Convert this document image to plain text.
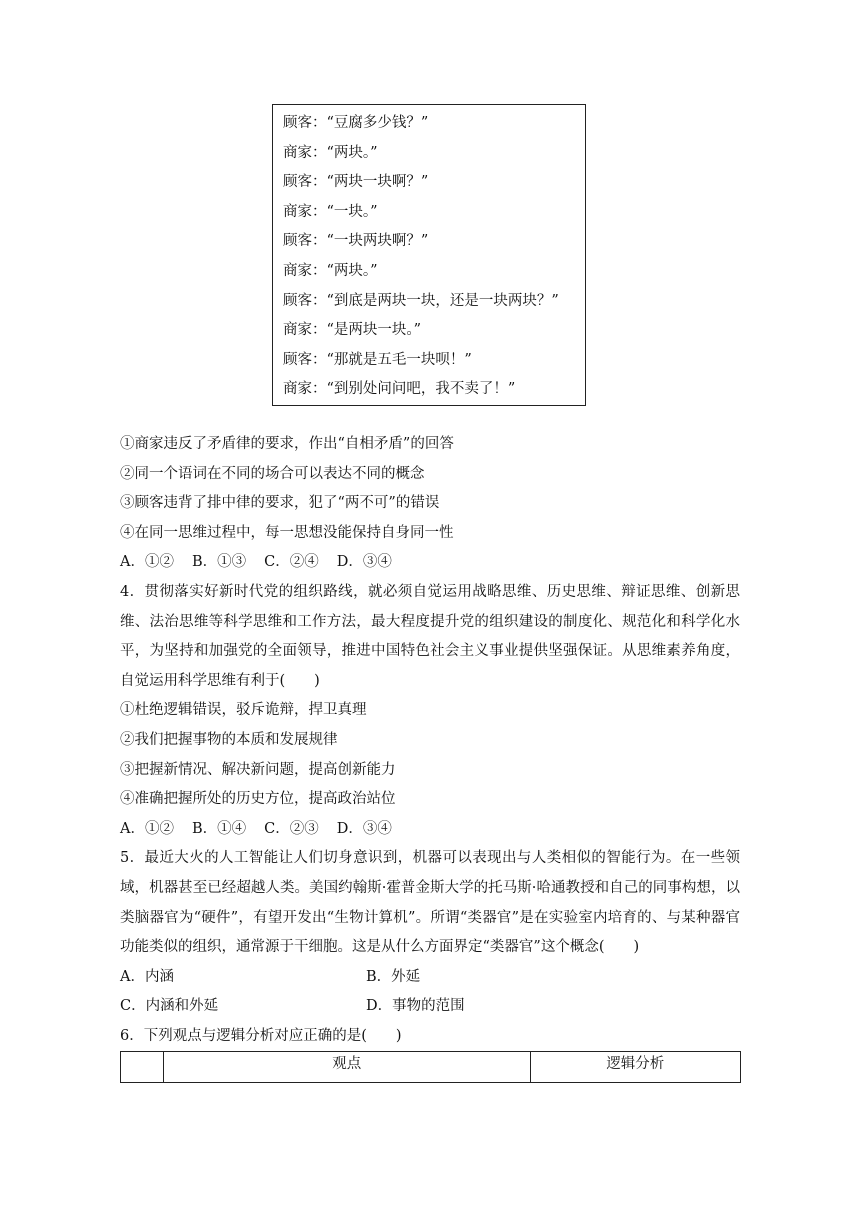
顾客：“豆腐多少钱？”
商家：“两块。”
顾客：“两块一块啊？”
商家：“一块。”
顾客：“一块两块啊？”
商家：“两块。”
顾客：“到底是两块一块，还是一块两块？”
商家：“是两块一块。”
顾客：“那就是五毛一块呗！”
商家：“到别处问问吧，我不卖了！”
①商家违反了矛盾律的要求，作出“自相矛盾”的回答
②同一个语词在不同的场合可以表达不同的概念
③顾客违背了排中律的要求，犯了“两不可”的错误
④在同一思维过程中，每一思想没能保持自身同一性
A．①② B．①③ C．②④ D．③④
4．贯彻落实好新时代党的组织路线，就必须自觉运用战略思维、历史思维、辩证思维、创新思维、法治思维等科学思维和工作方法，最大程度提升党的组织建设的制度化、规范化和科学化水平，为坚持和加强党的全面领导，推进中国特色社会主义事业提供坚强保证。从思维素养角度，自觉运用科学思维有利于(　　)
①杜绝逻辑错误，驳斥诡辩，捍卫真理
②我们把握事物的本质和发展规律
③把握新情况、解决新问题，提高创新能力
④准确把握所处的历史方位，提高政治站位
A．①② B．①④ C．②③ D．③④
5．最近大火的人工智能让人们切身意识到，机器可以表现出与人类相似的智能行为。在一些领域，机器甚至已经超越人类。美国约翰斯·霍普金斯大学的托马斯·哈通教授和自己的同事构想，以类脑器官为“硬件”，有望开发出“生物计算机”。所谓“类器官”是在实验室内培育的、与某种器官功能类似的组织，通常源于干细胞。这是从什么方面界定“类器官”这个概念(　　)
A．内涵	B．外延
C．内涵和外延	D．事物的范围
6．下列观点与逻辑分析对应正确的是(　　)
	观点	逻辑分析
